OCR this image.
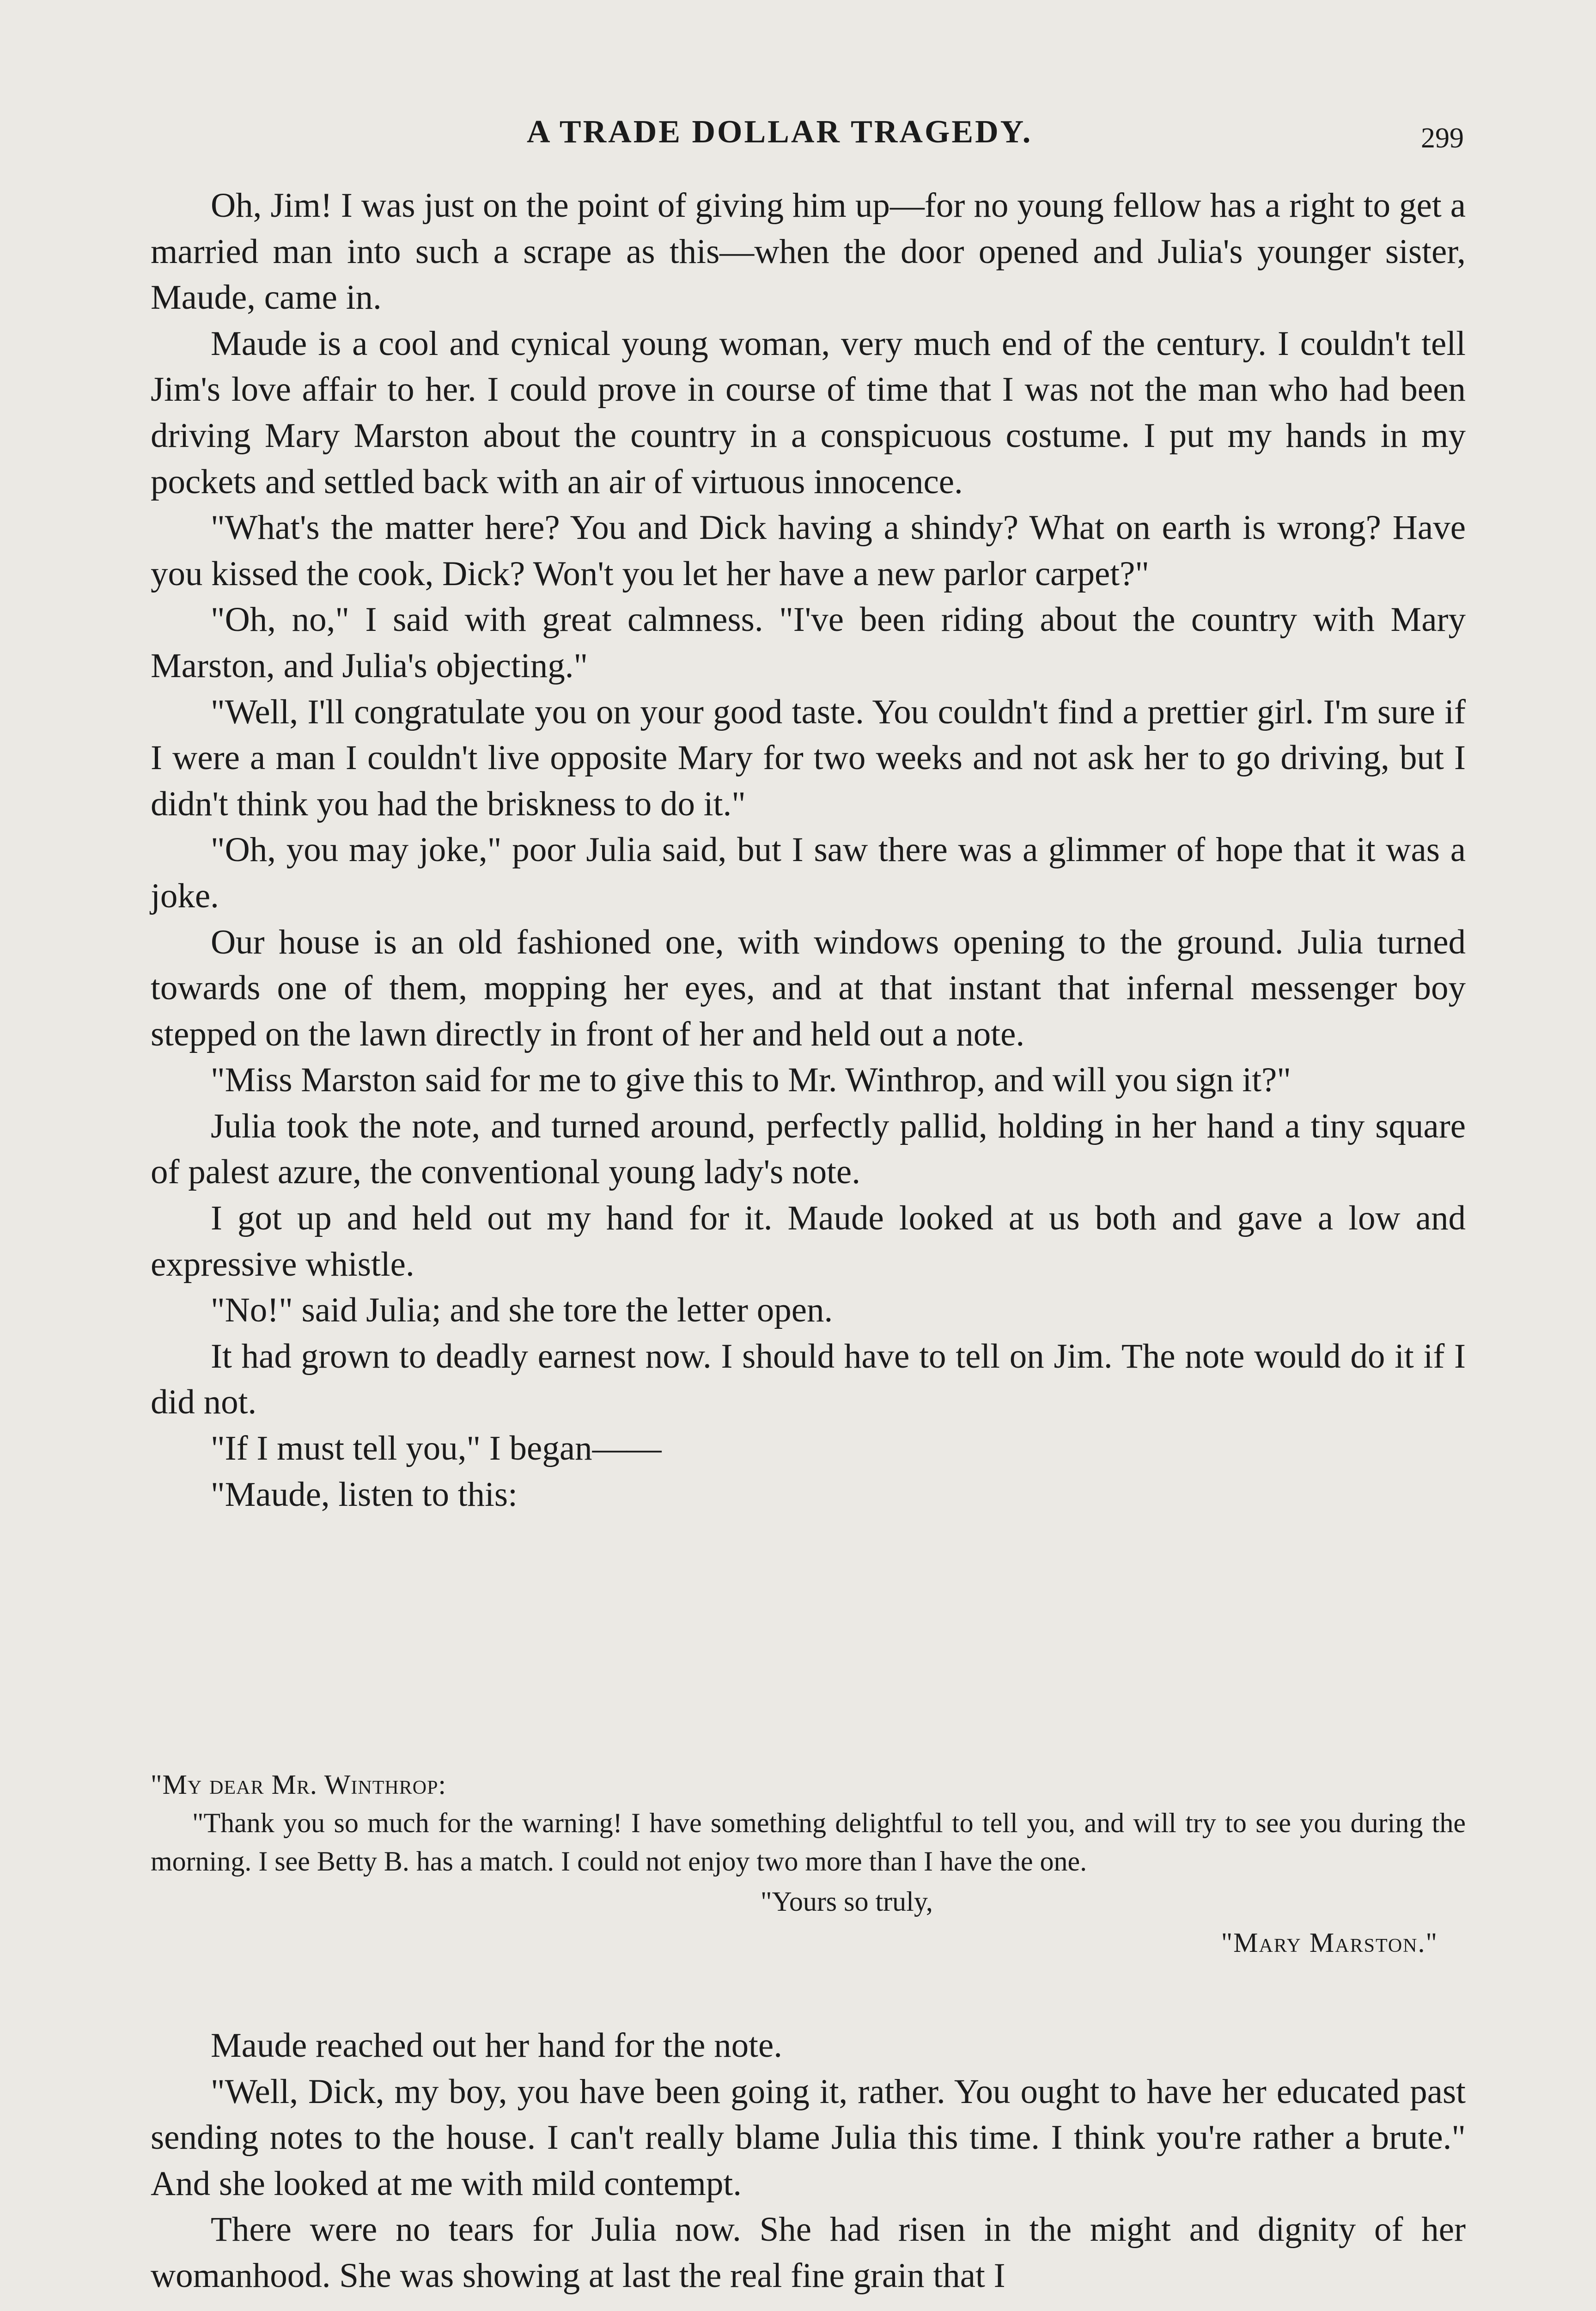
A TRADE DOLLAR TRAGEDY.	299

Oh, Jim! I was just on the point of giving him up—for no young fellow has a right to get a married man into such a scrape as this—when the door opened and Julia's younger sister, Maude, came in.

Maude is a cool and cynical young woman, very much end of the century. I couldn't tell Jim's love affair to her. I could prove in course of time that I was not the man who had been driving Mary Marston about the country in a conspicuous costume. I put my hands in my pockets and settled back with an air of virtuous innocence.

"What's the matter here? You and Dick having a shindy? What on earth is wrong? Have you kissed the cook, Dick? Won't you let her have a new parlor carpet?"

"Oh, no," I said with great calmness. "I've been riding about the country with Mary Marston, and Julia's objecting."

"Well, I'll congratulate you on your good taste. You couldn't find a prettier girl. I'm sure if I were a man I couldn't live opposite Mary for two weeks and not ask her to go driving, but I didn't think you had the briskness to do it."

"Oh, you may joke," poor Julia said, but I saw there was a glimmer of hope that it was a joke.

Our house is an old fashioned one, with windows opening to the ground. Julia turned towards one of them, mopping her eyes, and at that instant that infernal messenger boy stepped on the lawn directly in front of her and held out a note.

"Miss Marston said for me to give this to Mr. Winthrop, and will you sign it?"

Julia took the note, and turned around, perfectly pallid, holding in her hand a tiny square of palest azure, the conventional young lady's note.

I got up and held out my hand for it. Maude looked at us both and gave a low and expressive whistle.

"No!" said Julia; and she tore the letter open.

It had grown to deadly earnest now. I should have to tell on Jim. The note would do it if I did not.

"If I must tell you," I began——

"Maude, listen to this:

"My dear Mr. Winthrop:

"Thank you so much for the warning! I have something delightful to tell you, and will try to see you during the morning. I see Betty B. has a match. I could not enjoy two more than I have the one.

"Yours so truly,

"Mary Marston."

Maude reached out her hand for the note.

"Well, Dick, my boy, you have been going it, rather. You ought to have her educated past sending notes to the house. I can't really blame Julia this time. I think you're rather a brute." And she looked at me with mild contempt.

There were no tears for Julia now. She had risen in the might and dignity of her womanhood. She was showing at last the real fine grain that I
